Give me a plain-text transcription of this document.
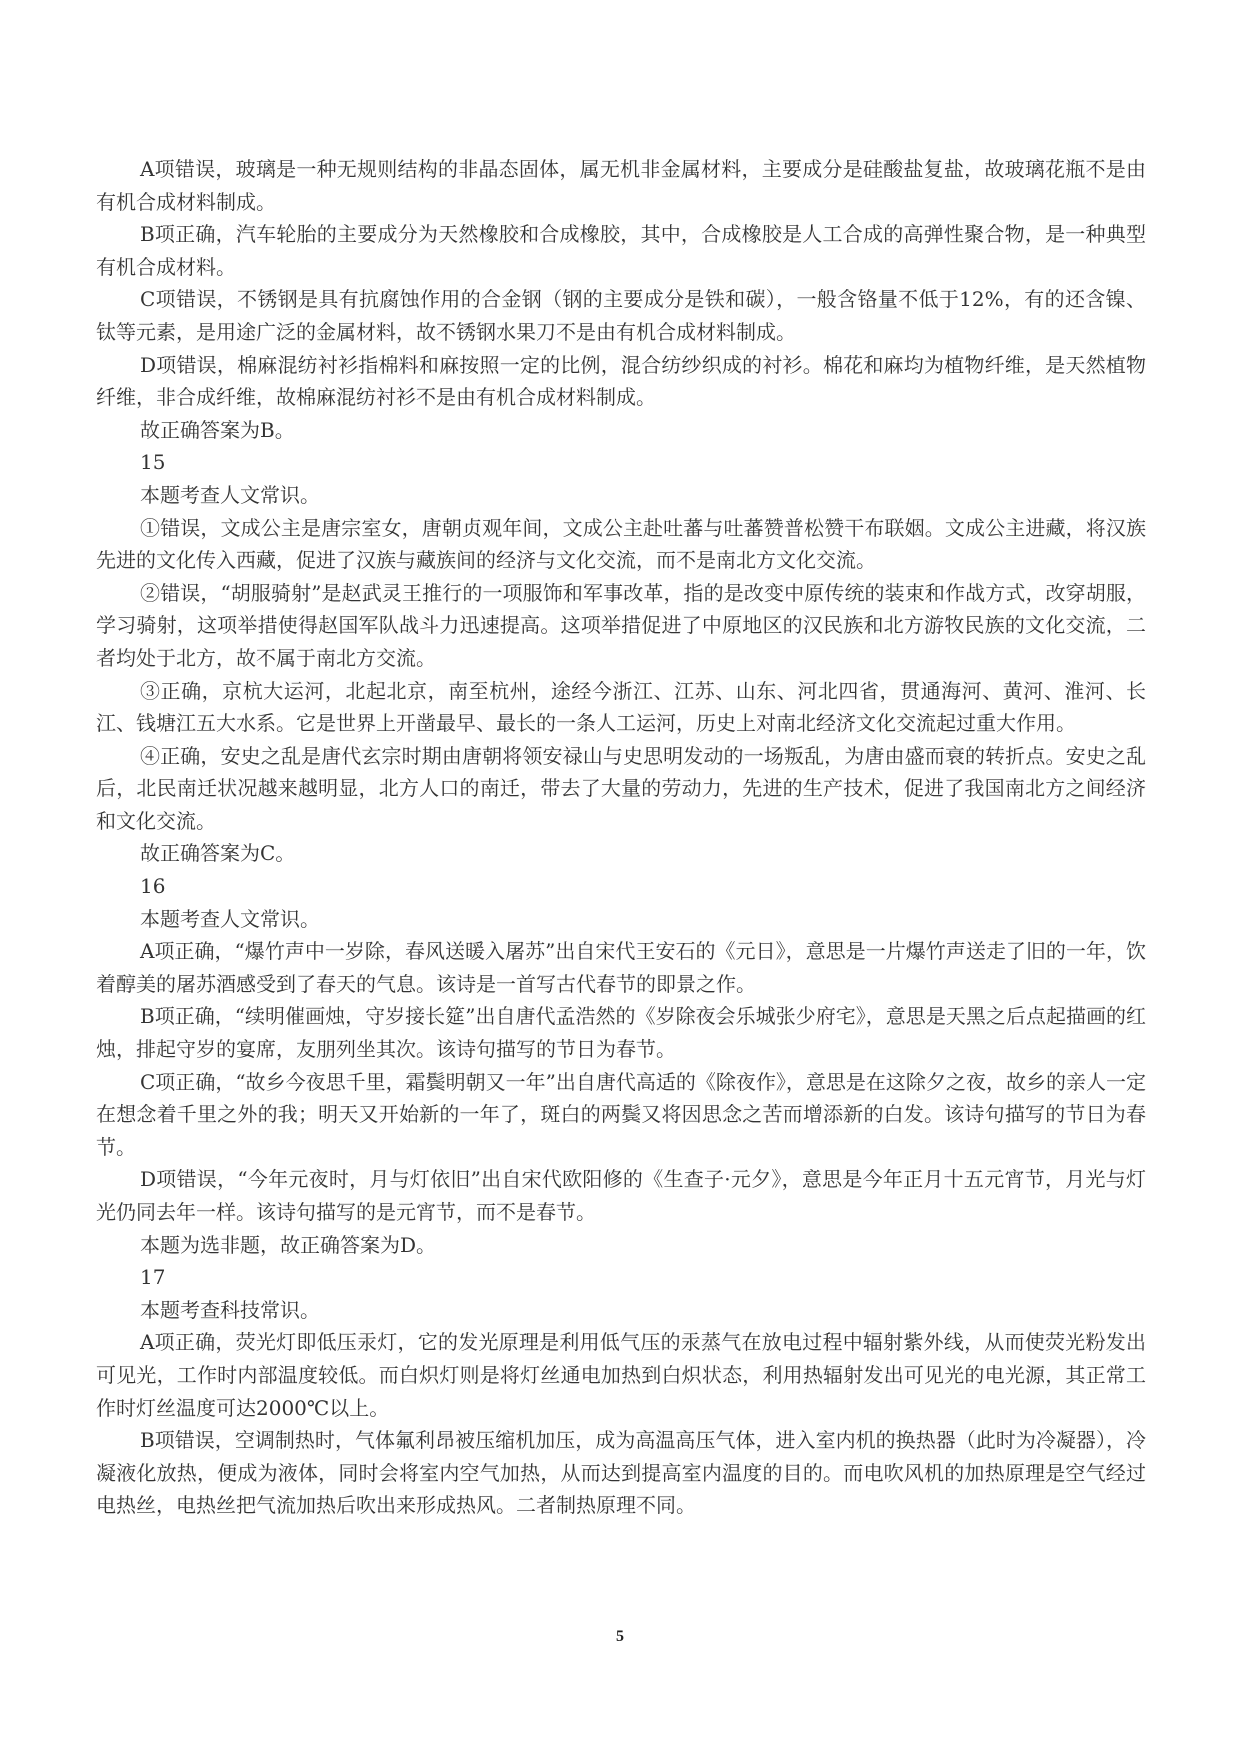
A项错误，玻璃是一种无规则结构的非晶态固体，属无机非金属材料，主要成分是硅酸盐复盐，故玻璃花瓶不是由有机合成材料制成。

B项正确，汽车轮胎的主要成分为天然橡胶和合成橡胶，其中，合成橡胶是人工合成的高弹性聚合物，是一种典型有机合成材料。

C项错误，不锈钢是具有抗腐蚀作用的合金钢（钢的主要成分是铁和碳），一般含铬量不低于12%，有的还含镍、钛等元素，是用途广泛的金属材料，故不锈钢水果刀不是由有机合成材料制成。

D项错误，棉麻混纺衬衫指棉料和麻按照一定的比例，混合纺纱织成的衬衫。棉花和麻均为植物纤维，是天然植物纤维，非合成纤维，故棉麻混纺衬衫不是由有机合成材料制成。

故正确答案为B。

15

本题考查人文常识。

①错误，文成公主是唐宗室女，唐朝贞观年间，文成公主赴吐蕃与吐蕃赞普松赞干布联姻。文成公主进藏，将汉族先进的文化传入西藏，促进了汉族与藏族间的经济与文化交流，而不是南北方文化交流。

②错误，“胡服骑射”是赵武灵王推行的一项服饰和军事改革，指的是改变中原传统的装束和作战方式，改穿胡服，学习骑射，这项举措使得赵国军队战斗力迅速提高。这项举措促进了中原地区的汉民族和北方游牧民族的文化交流，二者均处于北方，故不属于南北方交流。

③正确，京杭大运河，北起北京，南至杭州，途经今浙江、江苏、山东、河北四省，贯通海河、黄河、淮河、长江、钱塘江五大水系。它是世界上开凿最早、最长的一条人工运河，历史上对南北经济文化交流起过重大作用。

④正确，安史之乱是唐代玄宗时期由唐朝将领安禄山与史思明发动的一场叛乱，为唐由盛而衰的转折点。安史之乱后，北民南迁状况越来越明显，北方人口的南迁，带去了大量的劳动力，先进的生产技术，促进了我国南北方之间经济和文化交流。

故正确答案为C。

16

本题考查人文常识。

A项正确，“爆竹声中一岁除，春风送暖入屠苏”出自宋代王安石的《元日》，意思是一片爆竹声送走了旧的一年，饮着醇美的屠苏酒感受到了春天的气息。该诗是一首写古代春节的即景之作。

B项正确，“续明催画烛，守岁接长筵”出自唐代孟浩然的《岁除夜会乐城张少府宅》，意思是天黑之后点起描画的红烛，排起守岁的宴席，友朋列坐其次。该诗句描写的节日为春节。

C项正确，“故乡今夜思千里，霜鬓明朝又一年”出自唐代高适的《除夜作》，意思是在这除夕之夜，故乡的亲人一定在想念着千里之外的我；明天又开始新的一年了，斑白的两鬓又将因思念之苦而增添新的白发。该诗句描写的节日为春节。

D项错误，“今年元夜时，月与灯依旧”出自宋代欧阳修的《生查子·元夕》，意思是今年正月十五元宵节，月光与灯光仍同去年一样。该诗句描写的是元宵节，而不是春节。

本题为选非题，故正确答案为D。

17

本题考查科技常识。

A项正确，荧光灯即低压汞灯，它的发光原理是利用低气压的汞蒸气在放电过程中辐射紫外线，从而使荧光粉发出可见光，工作时内部温度较低。而白炽灯则是将灯丝通电加热到白炽状态，利用热辐射发出可见光的电光源，其正常工作时灯丝温度可达2000℃以上。

B项错误，空调制热时，气体氟利昂被压缩机加压，成为高温高压气体，进入室内机的换热器（此时为冷凝器），冷凝液化放热，便成为液体，同时会将室内空气加热，从而达到提高室内温度的目的。而电吹风机的加热原理是空气经过电热丝，电热丝把气流加热后吹出来形成热风。二者制热原理不同。

5
